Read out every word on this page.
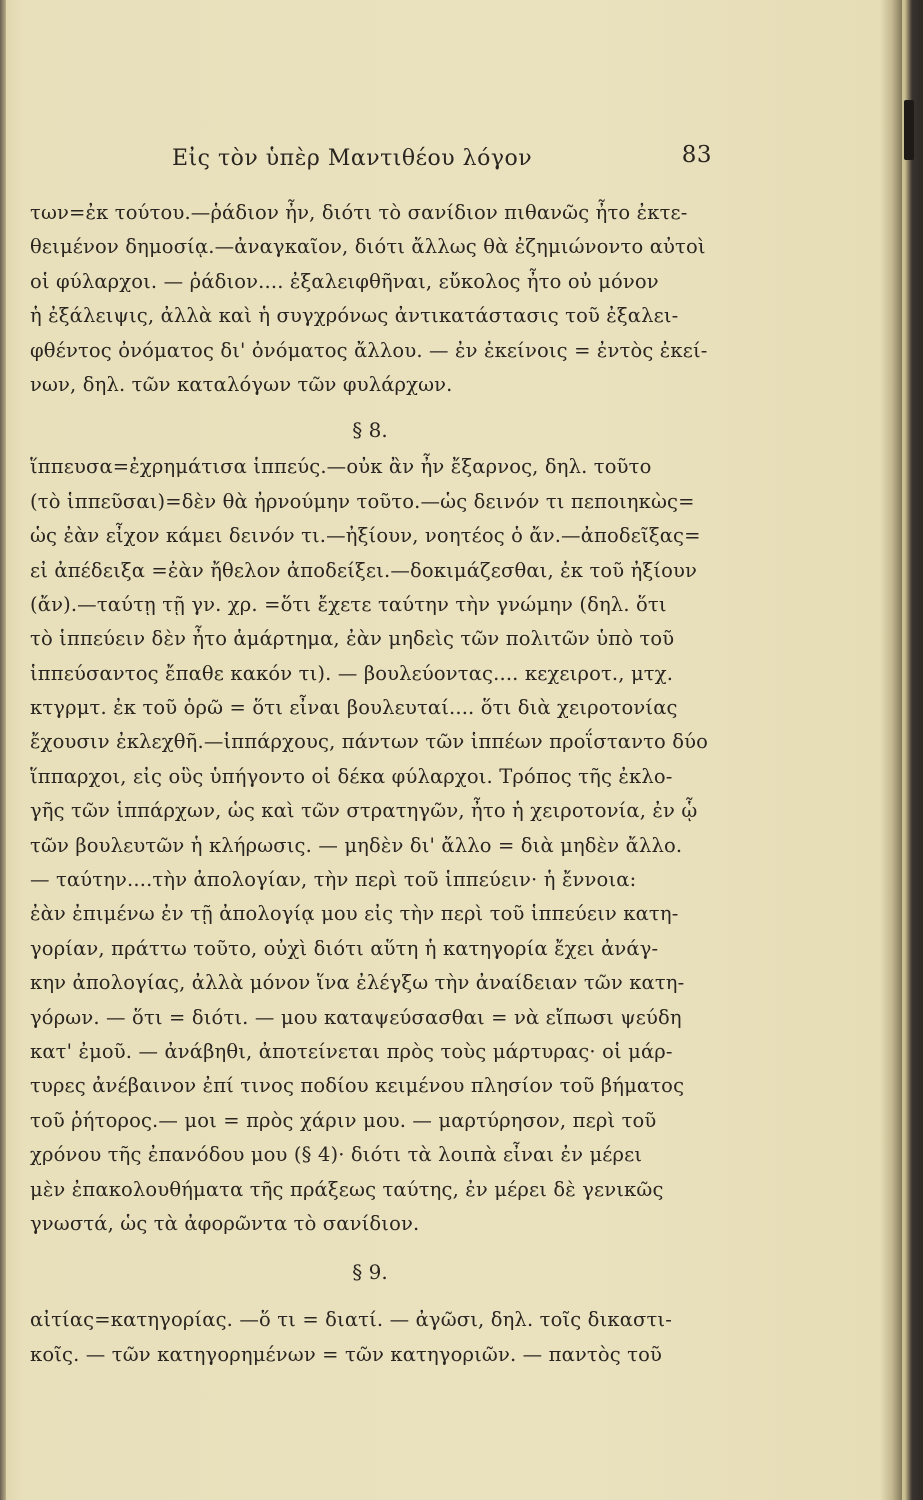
Εἰς τὸν ὑπὲρ Μαντιθέου λόγον	83
των=ἐκ τούτου.—ῥάδιον ἦν, διότι τὸ σανίδιον πιθανῶς ἦτο ἐκτε-
θειμένον δημοσίᾳ.—ἀναγκαῖον, διότι ἄλλως θὰ ἐζημιώνοντο αὐτοὶ
οἱ φύλαρχοι. — ῥάδιον.... ἐξαλειφθῆναι, εὔκολος ἦτο οὐ μόνον
ἡ ἐξάλειψις, ἀλλὰ καὶ ἡ συγχρόνως ἀντικατάστασις τοῦ ἐξαλει-
φθέντος ὀνόματος δι' ὀνόματος ἄλλου. — ἐν ἐκείνοις = ἐντὸς ἐκεί-
νων, δηλ. τῶν καταλόγων τῶν φυλάρχων.
§ 8.
ἵππευσα=ἐχρημάτισα ἱππεύς.—οὐκ ἂν ἦν ἔξαρνος, δηλ. τοῦτο
(τὸ ἱππεῦσαι)=δὲν θὰ ἠρνούμην τοῦτο.—ὡς δεινόν τι πεποιηκὼς=
ὡς ἐὰν εἶχον κάμει δεινόν τι.—ἠξίουν, νοητέος ὁ ἄν.—ἀποδεῖξας=
εἰ ἀπέδειξα =ἐὰν ἤθελον ἀποδείξει.—δοκιμάζεσθαι, ἐκ τοῦ ἠξίουν
(ἄν).—ταύτῃ τῇ γν. χρ. =ὅτι ἔχετε ταύτην τὴν γνώμην (δηλ. ὅτι
τὸ ἱππεύειν δὲν ἦτο ἁμάρτημα, ἐὰν μηδεὶς τῶν πολιτῶν ὑπὸ τοῦ
ἱππεύσαντος ἔπαθε κακόν τι). — βουλεύοντας.... κεχειροτ., μτχ.
κτγρμτ. ἐκ τοῦ ὁρῶ = ὅτι εἶναι βουλευταί.... ὅτι διὰ χειροτονίας
ἔχουσιν ἐκλεχθῆ.—ἱππάρχους, πάντων τῶν ἱππέων προΐσταντο δύο
ἵππαρχοι, εἰς οὓς ὑπήγοντο οἱ δέκα φύλαρχοι. Τρόπος τῆς ἐκλο-
γῆς τῶν ἱππάρχων, ὡς καὶ τῶν στρατηγῶν, ἦτο ἡ χειροτονία, ἐν ᾧ
τῶν βουλευτῶν ἡ κλήρωσις. — μηδὲν δι' ἄλλο = διὰ μηδὲν ἄλλο.
— ταύτην....τὴν ἀπολογίαν, τὴν περὶ τοῦ ἱππεύειν· ἡ ἔννοια:
ἐὰν ἐπιμένω ἐν τῇ ἀπολογίᾳ μου εἰς τὴν περὶ τοῦ ἱππεύειν κατη-
γορίαν, πράττω τοῦτο, οὐχὶ διότι αὕτη ἡ κατηγορία ἔχει ἀνάγ-
κην ἀπολογίας, ἀλλὰ μόνον ἵνα ἐλέγξω τὴν ἀναίδειαν τῶν κατη-
γόρων. — ὅτι = διότι. — μου καταψεύσασθαι = νὰ εἴπωσι ψεύδη
κατ' ἐμοῦ. — ἀνάβηθι, ἀποτείνεται πρὸς τοὺς μάρτυρας· οἱ μάρ-
τυρες ἀνέβαινον ἐπί τινος ποδίου κειμένου πλησίον τοῦ βήματος
τοῦ ῥήτορος.— μοι = πρὸς χάριν μου. — μαρτύρησον, περὶ τοῦ
χρόνου τῆς ἐπανόδου μου (§ 4)· διότι τὰ λοιπὰ εἶναι ἐν μέρει
μὲν ἐπακολουθήματα τῆς πράξεως ταύτης, ἐν μέρει δὲ γενικῶς
γνωστά, ὡς τὰ ἀφορῶντα τὸ σανίδιον.
§ 9.
αἰτίας=κατηγορίας. —ὅ τι = διατί. — ἀγῶσι, δηλ. τοῖς δικαστι-
κοῖς. — τῶν κατηγορημένων = τῶν κατηγοριῶν. — παντὸς τοῦ
